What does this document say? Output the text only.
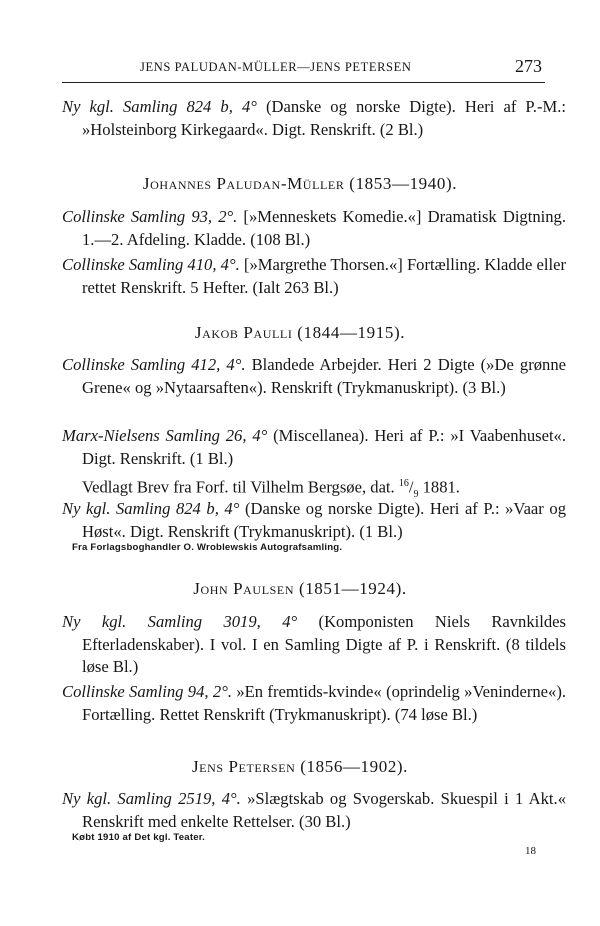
JENS PALUDAN-MÜLLER—JENS PETERSEN	273

Ny kgl. Samling 824 b, 4° (Danske og norske Digte). Heri af P.-M.: »Holsteinborg Kirkegaard«. Digt. Renskrift. (2 Bl.)

Johannes Paludan-Müller (1853—1940).

Collinske Samling 93, 2°. [»Menneskets Komedie.«] Dramatisk Digtning. 1.—2. Afdeling. Kladde. (108 Bl.)

Collinske Samling 410, 4°. [»Margrethe Thorsen.«] Fortælling. Kladde eller rettet Renskrift. 5 Hefter. (Ialt 263 Bl.)

Jakob Paulli (1844—1915).

Collinske Samling 412, 4°. Blandede Arbejder. Heri 2 Digte (»De grønne Grene« og »Nytaarsaften«). Renskrift (Trykmanuskript). (3 Bl.)

Marx-Nielsens Samling 26, 4° (Miscellanea). Heri af P.: »I Vaabenhuset«. Digt. Renskrift. (1 Bl.)

Vedlagt Brev fra Forf. til Vilhelm Bergsøe, dat. $^{16}/_9$ 1881.

Ny kgl. Samling 824 b, 4° (Danske og norske Digte). Heri af P.: »Vaar og Høst«. Digt. Renskrift (Trykmanuskript). (1 Bl.)

Fra Forlagsboghandler O. Wroblewskis Autografsamling.
John Paulsen (1851—1924).

Ny kgl. Samling 3019, 4° (Komponisten Niels Ravnkildes Efterladenskaber). I vol. I en Samling Digte af P. i Renskrift. (8 tildels løse Bl.)

Collinske Samling 94, 2°. »En fremtids-kvinde« (oprindelig »Veninderne«). Fortælling. Rettet Renskrift (Trykmanuskript). (74 løse Bl.)

Jens Petersen (1856—1902).

Ny kgl. Samling 2519, 4°. »Slægtskab og Svogerskab. Skuespil i 1 Akt.« Renskrift med enkelte Rettelser. (30 Bl.)

Købt 1910 af Det kgl. Teater.
18
